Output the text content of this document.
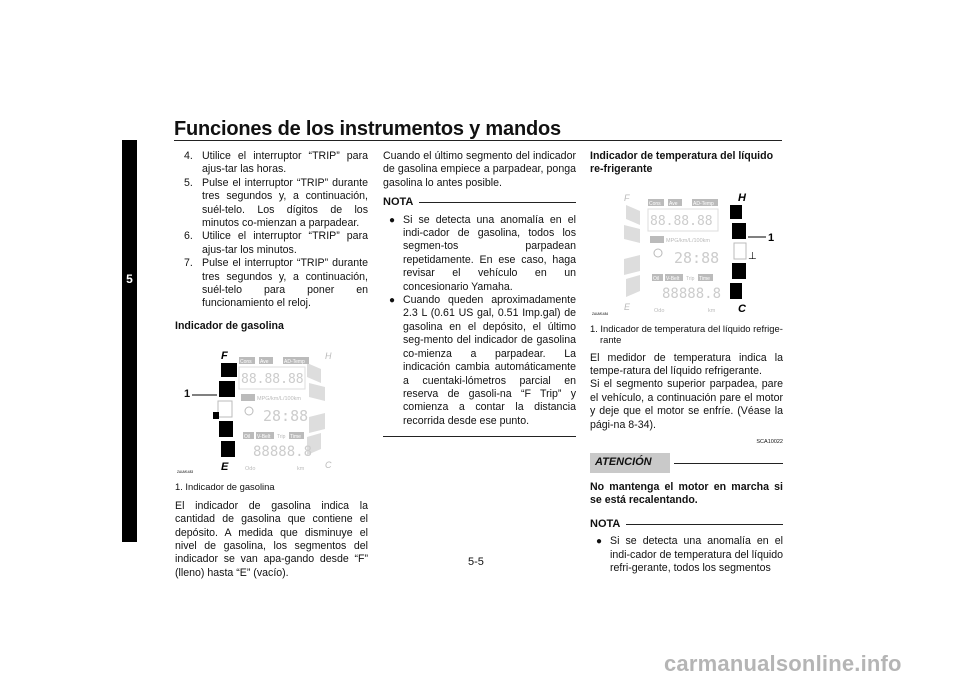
Funciones de los instrumentos y mandos
5
4. Utilice el interruptor “TRIP” para ajus-tar las horas.
5. Pulse el interruptor “TRIP” durante tres segundos y, a continuación, suél-telo. Los dígitos de los minutos co-mienzan a parpadear.
6. Utilice el interruptor “TRIP” para ajus-tar los minutos.
7. Pulse el interruptor “TRIP” durante tres segundos y, a continuación, suél-telo para poner en funcionamiento el reloj.
Indicador de gasolina
1
F
E
H
C
Cons Ave	AD-Temp
88.88.88
MPG/km/L/100km
28:88
Oil V-Belt Trip Time
88888.8
Odo	km
ZAUM1483
1. Indicador de gasolina
El indicador de gasolina indica la cantidad de gasolina que contiene el depósito. A medida que disminuye el nivel de gasolina, los segmentos del indicador se van apa-gando desde “F” (lleno) hasta “E” (vacío).
Cuando el último segmento del indicador de gasolina empiece a parpadear, ponga gasolina lo antes posible.
NOTA
● Si se detecta una anomalía en el indi-cador de gasolina, todos los segmen-tos parpadean repetidamente. En ese caso, haga revisar el vehículo en un concesionario Yamaha.
● Cuando queden aproximadamente 2.3 L (0.61 US gal, 0.51 Imp.gal) de gasolina en el depósito, el último seg-mento del indicador de gasolina co-mienza a parpadear. La indicación cambia automáticamente a cuentaki-lómetros parcial en reserva de gasoli-na “F Trip” y comienza a contar la distancia recorrida desde ese punto.
Indicador de temperatura del líquido re-frigerante
F
E
H
C
1
Cons Ave	AD-Temp
88.88.88
MPG/km/L/100km
28:88
Oil V-Belt Trip Time
88888.8
Odo	km
⊥
ZAUM1484
1. Indicador de temperatura del líquido refrige-rante
El medidor de temperatura indica la tempe-ratura del líquido refrigerante.
Si el segmento superior parpadea, pare el vehículo, a continuación pare el motor y deje que el motor se enfríe. (Véase la pági-na 8-34).
SCA10022
ATENCIÓN
No mantenga el motor en marcha si se está recalentando.
NOTA
● Si se detecta una anomalía en el indi-cador de temperatura del líquido refri-gerante, todos los segmentos
5-5
carmanualsonline.info
